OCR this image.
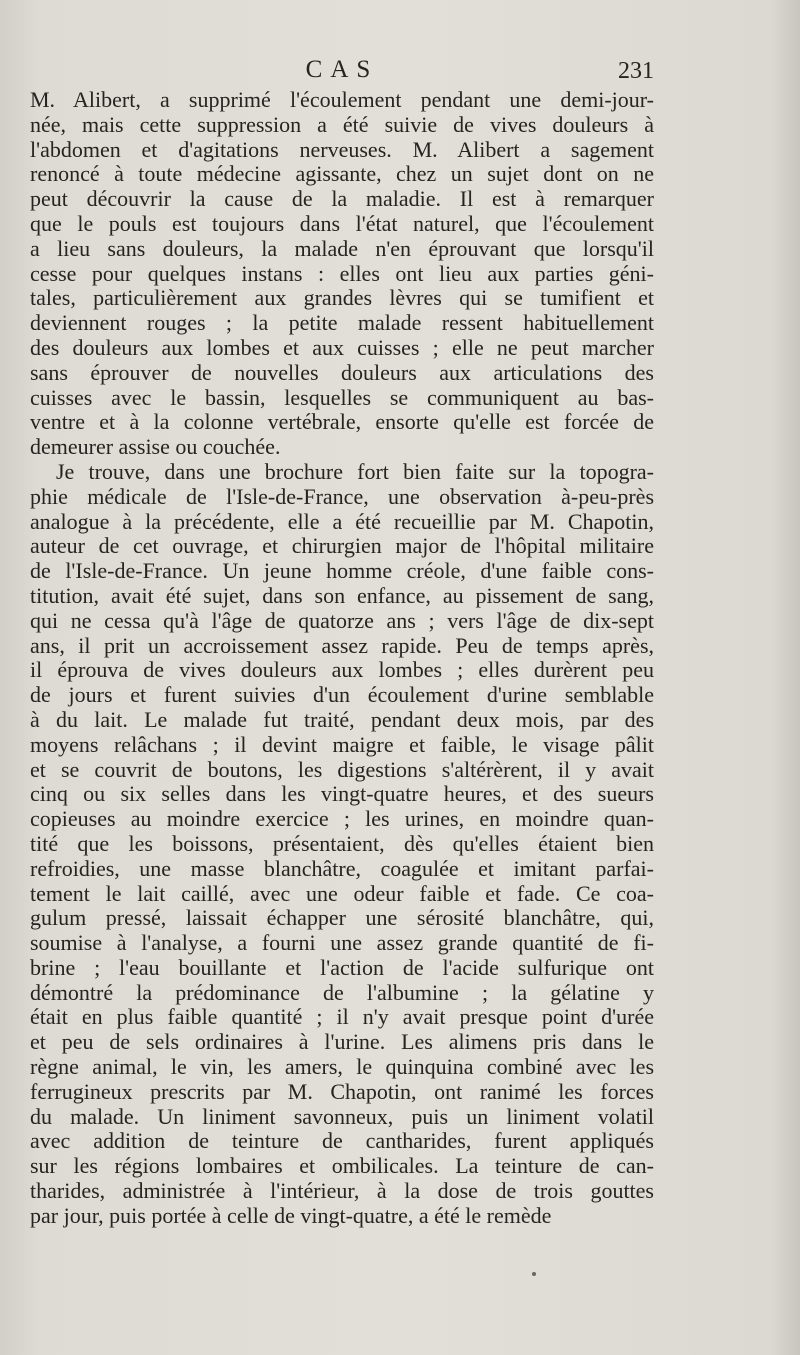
CAS	231
M. Alibert, a supprimé l'écoulement pendant une demi-jour-
née, mais cette suppression a été suivie de vives douleurs à
l'abdomen et d'agitations nerveuses. M. Alibert a sagement
renoncé à toute médecine agissante, chez un sujet dont on ne
peut découvrir la cause de la maladie. Il est à remarquer
que le pouls est toujours dans l'état naturel, que l'écoulement
a lieu sans douleurs, la malade n'en éprouvant que lorsqu'il
cesse pour quelques instans : elles ont lieu aux parties géni-
tales, particulièrement aux grandes lèvres qui se tumifient et
deviennent rouges ; la petite malade ressent habituellement
des douleurs aux lombes et aux cuisses ; elle ne peut marcher
sans éprouver de nouvelles douleurs aux articulations des
cuisses avec le bassin, lesquelles se communiquent au bas-
ventre et à la colonne vertébrale, ensorte qu'elle est forcée de
demeurer assise ou couchée.
Je trouve, dans une brochure fort bien faite sur la topogra-
phie médicale de l'Isle-de-France, une observation à-peu-près
analogue à la précédente, elle a été recueillie par M. Chapotin,
auteur de cet ouvrage, et chirurgien major de l'hôpital militaire
de l'Isle-de-France. Un jeune homme créole, d'une faible cons-
titution, avait été sujet, dans son enfance, au pissement de sang,
qui ne cessa qu'à l'âge de quatorze ans ; vers l'âge de dix-sept
ans, il prit un accroissement assez rapide. Peu de temps après,
il éprouva de vives douleurs aux lombes ; elles durèrent peu
de jours et furent suivies d'un écoulement d'urine semblable
à du lait. Le malade fut traité, pendant deux mois, par des
moyens relâchans ; il devint maigre et faible, le visage pâlit
et se couvrit de boutons, les digestions s'altérèrent, il y avait
cinq ou six selles dans les vingt-quatre heures, et des sueurs
copieuses au moindre exercice ; les urines, en moindre quan-
tité que les boissons, présentaient, dès qu'elles étaient bien
refroidies, une masse blanchâtre, coagulée et imitant parfai-
tement le lait caillé, avec une odeur faible et fade. Ce coa-
gulum pressé, laissait échapper une sérosité blanchâtre, qui,
soumise à l'analyse, a fourni une assez grande quantité de fi-
brine ; l'eau bouillante et l'action de l'acide sulfurique ont
démontré la prédominance de l'albumine ; la gélatine y
était en plus faible quantité ; il n'y avait presque point d'urée
et peu de sels ordinaires à l'urine. Les alimens pris dans le
règne animal, le vin, les amers, le quinquina combiné avec les
ferrugineux prescrits par M. Chapotin, ont ranimé les forces
du malade. Un liniment savonneux, puis un liniment volatil
avec addition de teinture de cantharides, furent appliqués
sur les régions lombaires et ombilicales. La teinture de can-
tharides, administrée à l'intérieur, à la dose de trois gouttes
par jour, puis portée à celle de vingt-quatre, a été le remède
